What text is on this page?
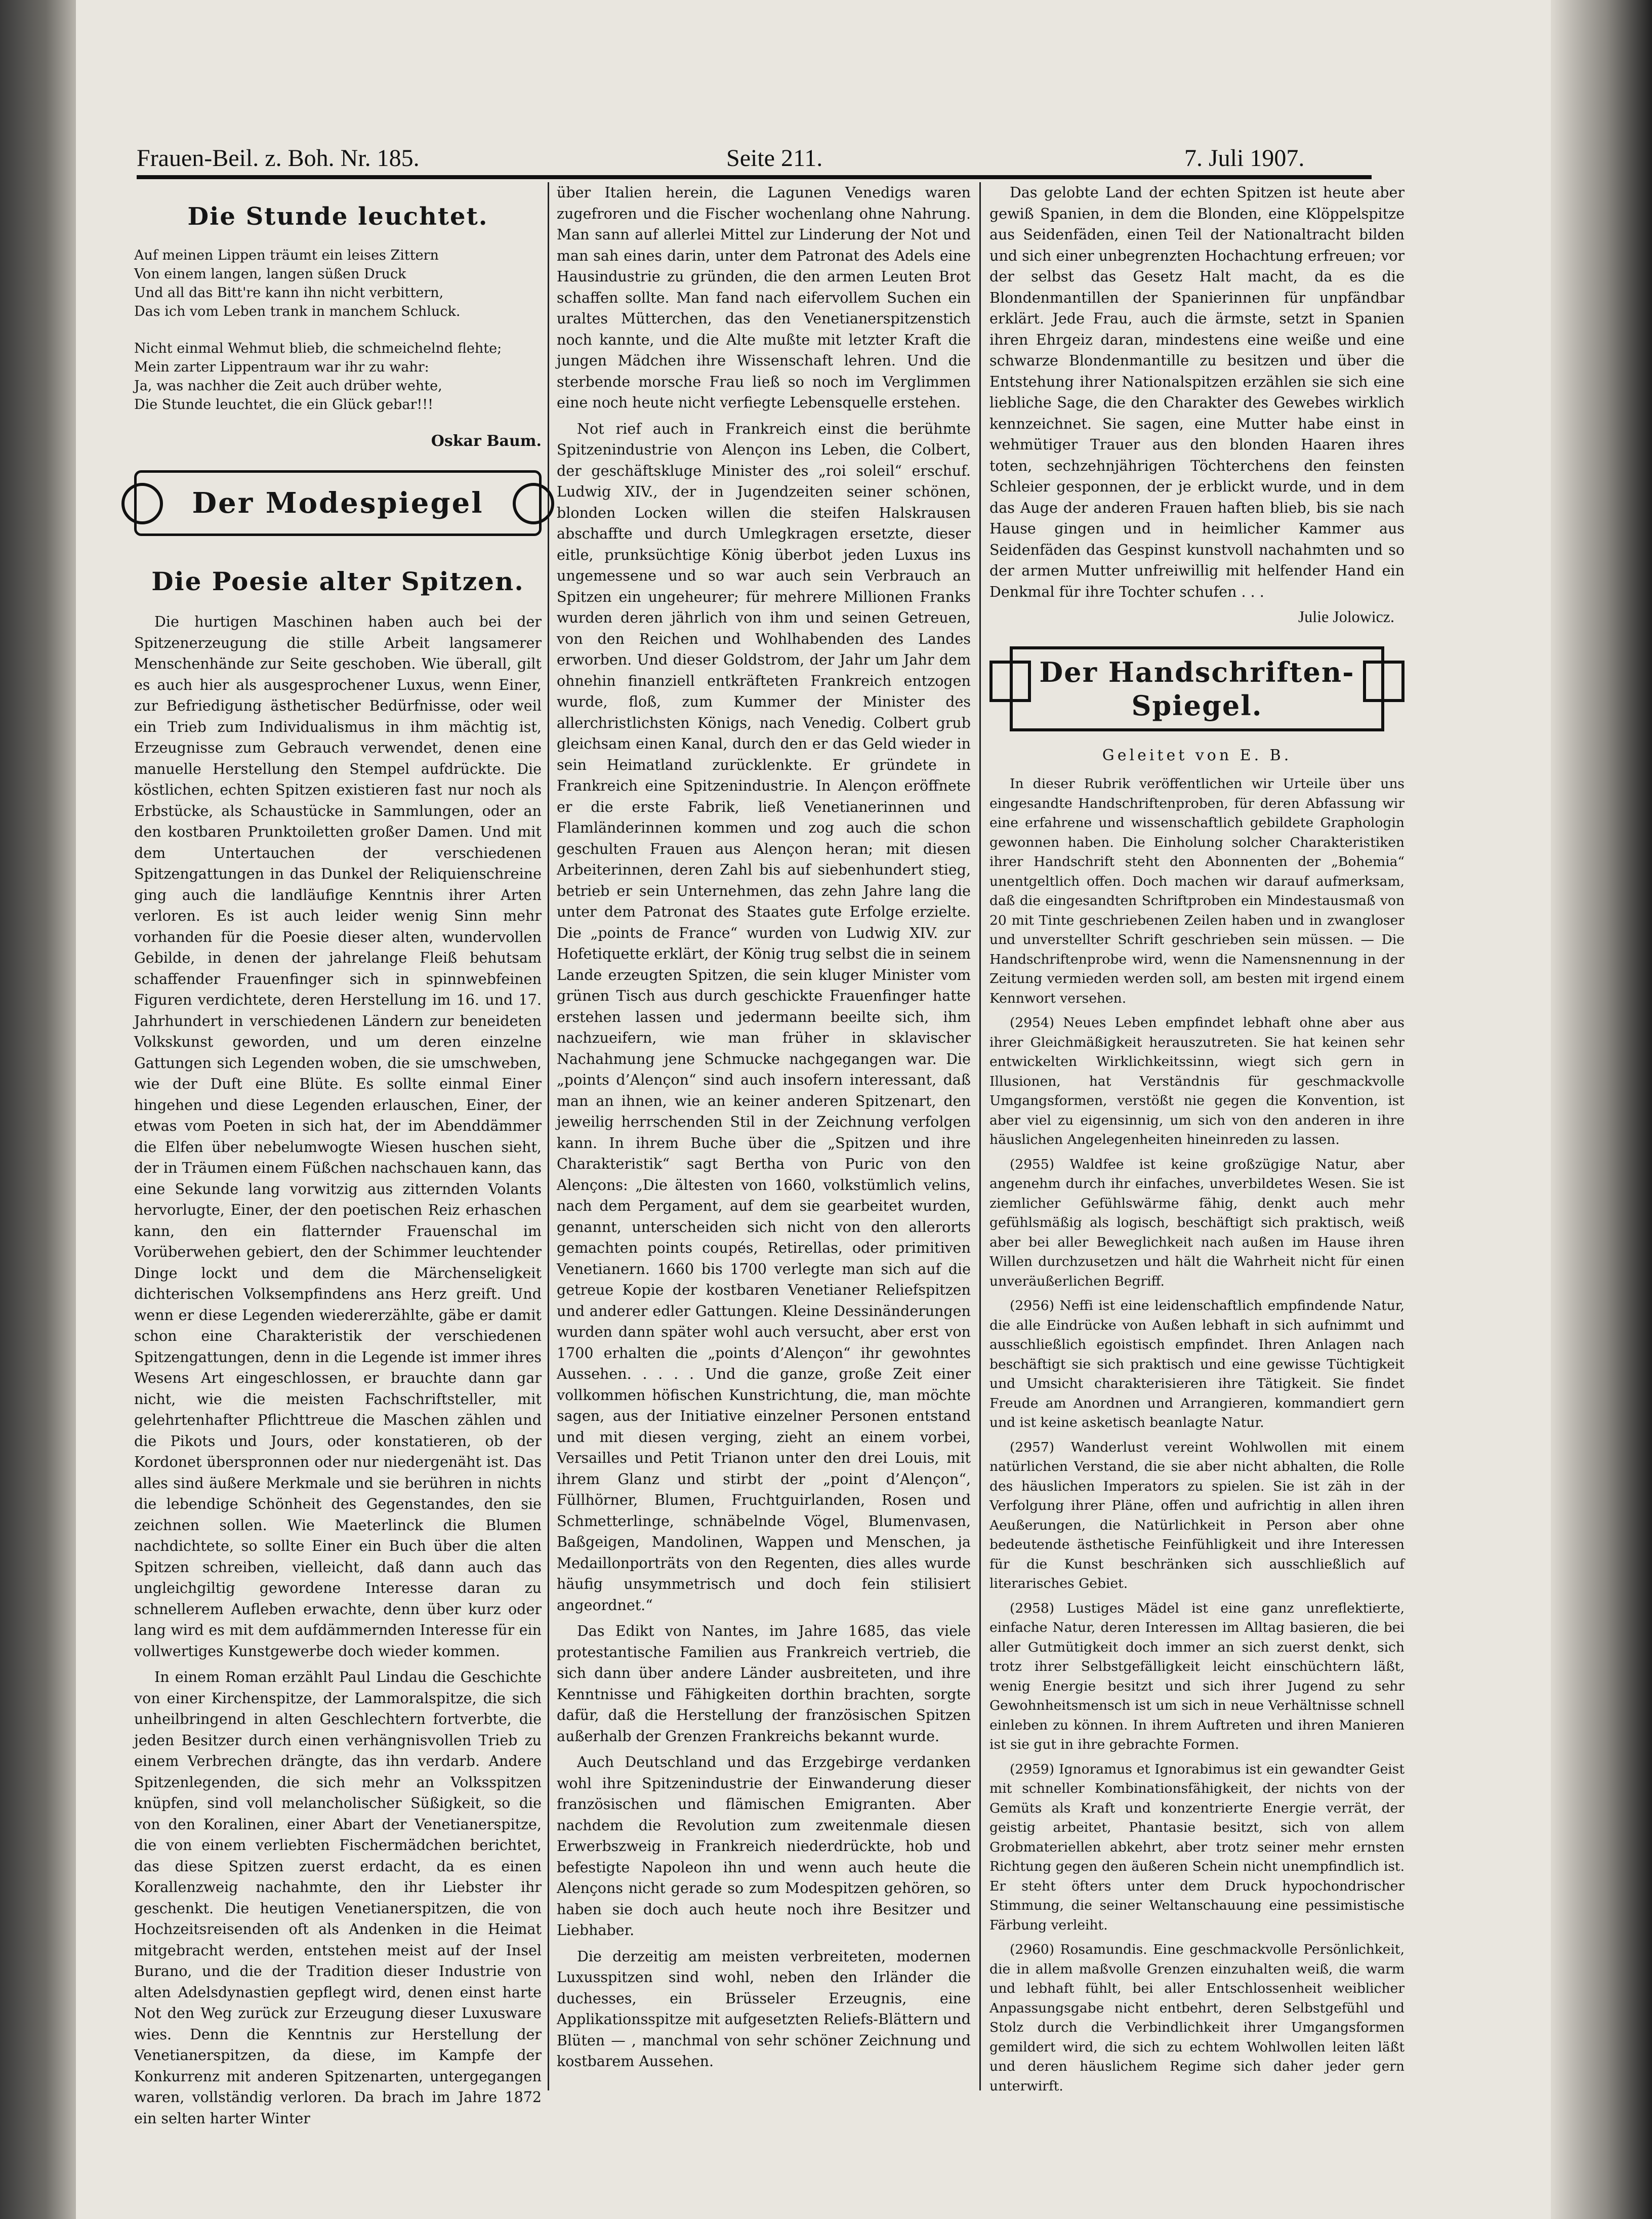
Frauen-Beil. z. Boh. Nr. 185.	Seite 211.	7. Juli 1907.
Die Stunde leuchtet.

Auf meinen Lippen träumt ein leises Zittern

Von einem langen, langen süßen Druck

Und all das Bitt're kann ihn nicht verbittern,

Das ich vom Leben trank in manchem Schluck.

Nicht einmal Wehmut blieb, die schmeichelnd flehte;

Mein zarter Lippentraum war ihr zu wahr:

Ja, was nachher die Zeit auch drüber wehte,

Die Stunde leuchtet, die ein Glück gebar!!!

Oskar Baum.
Der Modespiegel
Die Poesie alter Spitzen.

Die hurtigen Maschinen haben auch bei der Spitzenerzeugung die stille Arbeit langsamerer Menschenhände zur Seite geschoben. Wie überall, gilt es auch hier als ausgesprochener Luxus, wenn Einer, zur Befriedigung ästhetischer Bedürfnisse, oder weil ein Trieb zum Individualismus in ihm mächtig ist, Erzeugnisse zum Gebrauch verwendet, denen eine manuelle Herstellung den Stempel aufdrückte. Die köstlichen, echten Spitzen existieren fast nur noch als Erbstücke, als Schaustücke in Sammlungen, oder an den kostbaren Prunktoiletten großer Damen. Und mit dem Untertauchen der verschiedenen Spitzengattungen in das Dunkel der Reliquienschreine ging auch die landläufige Kenntnis ihrer Arten verloren. Es ist auch leider wenig Sinn mehr vorhanden für die Poesie dieser alten, wundervollen Gebilde, in denen der jahrelange Fleiß behutsam schaffender Frauenfinger sich in spinnwebfeinen Figuren verdichtete, deren Herstellung im 16. und 17. Jahrhundert in verschiedenen Ländern zur beneideten Volkskunst geworden, und um deren einzelne Gattungen sich Legenden woben, die sie umschweben, wie der Duft eine Blüte. Es sollte einmal Einer hingehen und diese Legenden erlauschen, Einer, der etwas vom Poeten in sich hat, der im Abenddämmer die Elfen über nebelumwogte Wiesen huschen sieht, der in Träumen einem Füßchen nachschauen kann, das eine Sekunde lang vorwitzig aus zitternden Volants hervorlugte, Einer, der den poetischen Reiz erhaschen kann, den ein flatternder Frauenschal im Vorüberwehen gebiert, den der Schimmer leuchtender Dinge lockt und dem die Märchenseligkeit dichterischen Volksempfindens ans Herz greift. Und wenn er diese Legenden wiedererzählte, gäbe er damit schon eine Charakteristik der verschiedenen Spitzengattungen, denn in die Legende ist immer ihres Wesens Art eingeschlossen, er brauchte dann gar nicht, wie die meisten Fachschriftsteller, mit gelehrtenhafter Pflichttreue die Maschen zählen und die Pikots und Jours, oder konstatieren, ob der Kordonet überspronnen oder nur niedergenäht ist. Das alles sind äußere Merkmale und sie berühren in nichts die lebendige Schönheit des Gegenstandes, den sie zeichnen sollen. Wie Maeterlinck die Blumen nachdichtete, so sollte Einer ein Buch über die alten Spitzen schreiben, vielleicht, daß dann auch das ungleichgiltig gewordene Interesse daran zu schnellerem Aufleben erwachte, denn über kurz oder lang wird es mit dem aufdämmernden Interesse für ein vollwertiges Kunstgewerbe doch wieder kommen.

In einem Roman erzählt Paul Lindau die Geschichte von einer Kirchenspitze, der Lammoralspitze, die sich unheilbringend in alten Geschlechtern fortverbte, die jeden Besitzer durch einen verhängnisvollen Trieb zu einem Verbrechen drängte, das ihn verdarb. Andere Spitzenlegenden, die sich mehr an Volksspitzen knüpfen, sind voll melancholischer Süßigkeit, so die von den Koralinen, einer Abart der Venetianerspitze, die von einem verliebten Fischermädchen berichtet, das diese Spitzen zuerst erdacht, da es einen Korallenzweig nachahmte, den ihr Liebster ihr geschenkt. Die heutigen Venetianerspitzen, die von Hochzeitsreisenden oft als Andenken in die Heimat mitgebracht werden, entstehen meist auf der Insel Burano, und die der Tradition dieser Industrie von alten Adelsdynastien gepflegt wird, denen einst harte Not den Weg zurück zur Erzeugung dieser Luxusware wies. Denn die Kenntnis zur Herstellung der Venetianerspitzen, da diese, im Kampfe der Konkurrenz mit anderen Spitzenarten, untergegangen waren, vollständig verloren. Da brach im Jahre 1872 ein selten harter Winter

über Italien herein, die Lagunen Venedigs waren zugefroren und die Fischer wochenlang ohne Nahrung. Man sann auf allerlei Mittel zur Linderung der Not und man sah eines darin, unter dem Patronat des Adels eine Hausindustrie zu gründen, die den armen Leuten Brot schaffen sollte. Man fand nach eifervollem Suchen ein uraltes Mütterchen, das den Venetianerspitzenstich noch kannte, und die Alte mußte mit letzter Kraft die jungen Mädchen ihre Wissenschaft lehren. Und die sterbende morsche Frau ließ so noch im Verglimmen eine noch heute nicht verfiegte Lebensquelle erstehen.

Not rief auch in Frankreich einst die berühmte Spitzenindustrie von Alençon ins Leben, die Colbert, der geschäftskluge Minister des „roi soleil“ erschuf. Ludwig XIV., der in Jugendzeiten seiner schönen, blonden Locken willen die steifen Halskrausen abschaffte und durch Umlegkragen ersetzte, dieser eitle, prunksüchtige König überbot jeden Luxus ins ungemessene und so war auch sein Verbrauch an Spitzen ein ungeheurer; für mehrere Millionen Franks wurden deren jährlich von ihm und seinen Getreuen, von den Reichen und Wohlhabenden des Landes erworben. Und dieser Goldstrom, der Jahr um Jahr dem ohnehin finanziell entkräfteten Frankreich entzogen wurde, floß, zum Kummer der Minister des allerchristlichsten Königs, nach Venedig. Colbert grub gleichsam einen Kanal, durch den er das Geld wieder in sein Heimatland zurücklenkte. Er gründete in Frankreich eine Spitzenindustrie. In Alençon eröffnete er die erste Fabrik, ließ Venetianerinnen und Flamländerinnen kommen und zog auch die schon geschulten Frauen aus Alençon heran; mit diesen Arbeiterinnen, deren Zahl bis auf siebenhundert stieg, betrieb er sein Unternehmen, das zehn Jahre lang die unter dem Patronat des Staates gute Erfolge erzielte. Die „points de France“ wurden von Ludwig XIV. zur Hofetiquette erklärt, der König trug selbst die in seinem Lande erzeugten Spitzen, die sein kluger Minister vom grünen Tisch aus durch geschickte Frauenfinger hatte erstehen lassen und jedermann beeilte sich, ihm nachzueifern, wie man früher in sklavischer Nachahmung jene Schmucke nachgegangen war. Die „points d’Alençon“ sind auch insofern interessant, daß man an ihnen, wie an keiner anderen Spitzenart, den jeweilig herrschenden Stil in der Zeichnung verfolgen kann. In ihrem Buche über die „Spitzen und ihre Charakteristik“ sagt Bertha von Puric von den Alençons: „Die ältesten von 1660, volkstümlich velins, nach dem Pergament, auf dem sie gearbeitet wurden, genannt, unterscheiden sich nicht von den allerorts gemachten points coupés, Retirellas, oder primitiven Venetianern. 1660 bis 1700 verlegte man sich auf die getreue Kopie der kostbaren Venetianer Reliefspitzen und anderer edler Gattungen. Kleine Dessinänderungen wurden dann später wohl auch versucht, aber erst von 1700 erhalten die „points d’Alençon“ ihr gewohntes Aussehen. . . . . Und die ganze, große Zeit einer vollkommen höfischen Kunstrichtung, die, man möchte sagen, aus der Initiative einzelner Personen entstand und mit diesen verging, zieht an einem vorbei, Versailles und Petit Trianon unter den drei Louis, mit ihrem Glanz und stirbt der „point d’Alençon“, Füllhörner, Blumen, Fruchtguirlanden, Rosen und Schmetterlinge, schnäbelnde Vögel, Blumenvasen, Baßgeigen, Mandolinen, Wappen und Menschen, ja Medaillonporträts von den Regenten, dies alles wurde häufig unsymmetrisch und doch fein stilisiert angeordnet.“

Das Edikt von Nantes, im Jahre 1685, das viele protestantische Familien aus Frankreich vertrieb, die sich dann über andere Länder ausbreiteten, und ihre Kenntnisse und Fähigkeiten dorthin brachten, sorgte dafür, daß die Herstellung der französischen Spitzen außerhalb der Grenzen Frankreichs bekannt wurde.

Auch Deutschland und das Erzgebirge verdanken wohl ihre Spitzenindustrie der Einwanderung dieser französischen und flämischen Emigranten. Aber nachdem die Revolution zum zweitenmale diesen Erwerbszweig in Frankreich niederdrückte, hob und befestigte Napoleon ihn und wenn auch heute die Alençons nicht gerade so zum Modespitzen gehören, so haben sie doch auch heute noch ihre Besitzer und Liebhaber.

Die derzeitig am meisten verbreiteten, modernen Luxusspitzen sind wohl, neben den Irländer die duchesses, ein Brüsseler Erzeugnis, eine Applikationsspitze mit aufgesetzten Reliefs-Blättern und Blüten — , manchmal von sehr schöner Zeichnung und kostbarem Aussehen.

Das gelobte Land der echten Spitzen ist heute aber gewiß Spanien, in dem die Blonden, eine Klöppelspitze aus Seidenfäden, einen Teil der Nationaltracht bilden und sich einer unbegrenzten Hochachtung erfreuen; vor der selbst das Gesetz Halt macht, da es die Blondenmantillen der Spanierinnen für unpfändbar erklärt. Jede Frau, auch die ärmste, setzt in Spanien ihren Ehrgeiz daran, mindestens eine weiße und eine schwarze Blondenmantille zu besitzen und über die Entstehung ihrer Nationalspitzen erzählen sie sich eine liebliche Sage, die den Charakter des Gewebes wirklich kennzeichnet. Sie sagen, eine Mutter habe einst in wehmütiger Trauer aus den blonden Haaren ihres toten, sechzehnjährigen Töchterchens den feinsten Schleier gesponnen, der je erblickt wurde, und in dem das Auge der anderen Frauen haften blieb, bis sie nach Hause gingen und in heimlicher Kammer aus Seidenfäden das Gespinst kunstvoll nachahmten und so der armen Mutter unfreiwillig mit helfender Hand ein Denkmal für ihre Tochter schufen . . .

Julie Jolowicz.
Der Handschriften-
Spiegel.
Geleitet von E. B.

In dieser Rubrik veröffentlichen wir Urteile über uns eingesandte Handschriftenproben, für deren Abfassung wir eine erfahrene und wissenschaftlich gebildete Graphologin gewonnen haben. Die Einholung solcher Charakteristiken ihrer Handschrift steht den Abonnenten der „Bohemia“ unentgeltlich offen. Doch machen wir darauf aufmerksam, daß die eingesandten Schriftproben ein Mindestausmaß von 20 mit Tinte geschriebenen Zeilen haben und in zwangloser und unverstellter Schrift geschrieben sein müssen. — Die Handschriftenprobe wird, wenn die Namensnennung in der Zeitung vermieden werden soll, am besten mit irgend einem Kennwort versehen.

(2954) Neues Leben empfindet lebhaft ohne aber aus ihrer Gleichmäßigkeit herauszutreten. Sie hat keinen sehr entwickelten Wirklichkeitssinn, wiegt sich gern in Illusionen, hat Verständnis für geschmackvolle Umgangsformen, verstößt nie gegen die Konvention, ist aber viel zu eigensinnig, um sich von den anderen in ihre häuslichen Angelegenheiten hineinreden zu lassen.

(2955) Waldfee ist keine großzügige Natur, aber angenehm durch ihr einfaches, unverbildetes Wesen. Sie ist ziemlicher Gefühlswärme fähig, denkt auch mehr gefühlsmäßig als logisch, beschäftigt sich praktisch, weiß aber bei aller Beweglichkeit nach außen im Hause ihren Willen durchzusetzen und hält die Wahrheit nicht für einen unveräußerlichen Begriff.

(2956) Neffi ist eine leidenschaftlich empfindende Natur, die alle Eindrücke von Außen lebhaft in sich aufnimmt und ausschließlich egoistisch empfindet. Ihren Anlagen nach beschäftigt sie sich praktisch und eine gewisse Tüchtigkeit und Umsicht charakterisieren ihre Tätigkeit. Sie findet Freude am Anordnen und Arrangieren, kommandiert gern und ist keine asketisch beanlagte Natur.

(2957) Wanderlust vereint Wohlwollen mit einem natürlichen Verstand, die sie aber nicht abhalten, die Rolle des häuslichen Imperators zu spielen. Sie ist zäh in der Verfolgung ihrer Pläne, offen und aufrichtig in allen ihren Aeußerungen, die Natürlichkeit in Person aber ohne bedeutende ästhetische Feinfühligkeit und ihre Interessen für die Kunst beschränken sich ausschließlich auf literarisches Gebiet.

(2958) Lustiges Mädel ist eine ganz unreflektierte, einfache Natur, deren Interessen im Alltag basieren, die bei aller Gutmütigkeit doch immer an sich zuerst denkt, sich trotz ihrer Selbstgefälligkeit leicht einschüchtern läßt, wenig Energie besitzt und sich ihrer Jugend zu sehr Gewohnheitsmensch ist um sich in neue Verhältnisse schnell einleben zu können. In ihrem Auftreten und ihren Manieren ist sie gut in ihre gebrachte Formen.

(2959) Ignoramus et Ignorabimus ist ein gewandter Geist mit schneller Kombinationsfähigkeit, der nichts von der Gemüts als Kraft und konzentrierte Energie verrät, der geistig arbeitet, Phantasie besitzt, sich von allem Grobmateriellen abkehrt, aber trotz seiner mehr ernsten Richtung gegen den äußeren Schein nicht unempfindlich ist. Er steht öfters unter dem Druck hypochondrischer Stimmung, die seiner Weltanschauung eine pessimistische Färbung verleiht.

(2960) Rosamundis. Eine geschmackvolle Persönlichkeit, die in allem maßvolle Grenzen einzuhalten weiß, die warm und lebhaft fühlt, bei aller Entschlossenheit weiblicher Anpassungsgabe nicht entbehrt, deren Selbstgefühl und Stolz durch die Verbindlichkeit ihrer Umgangsformen gemildert wird, die sich zu echtem Wohlwollen leiten läßt und deren häuslichem Regime sich daher jeder gern unterwirft.
